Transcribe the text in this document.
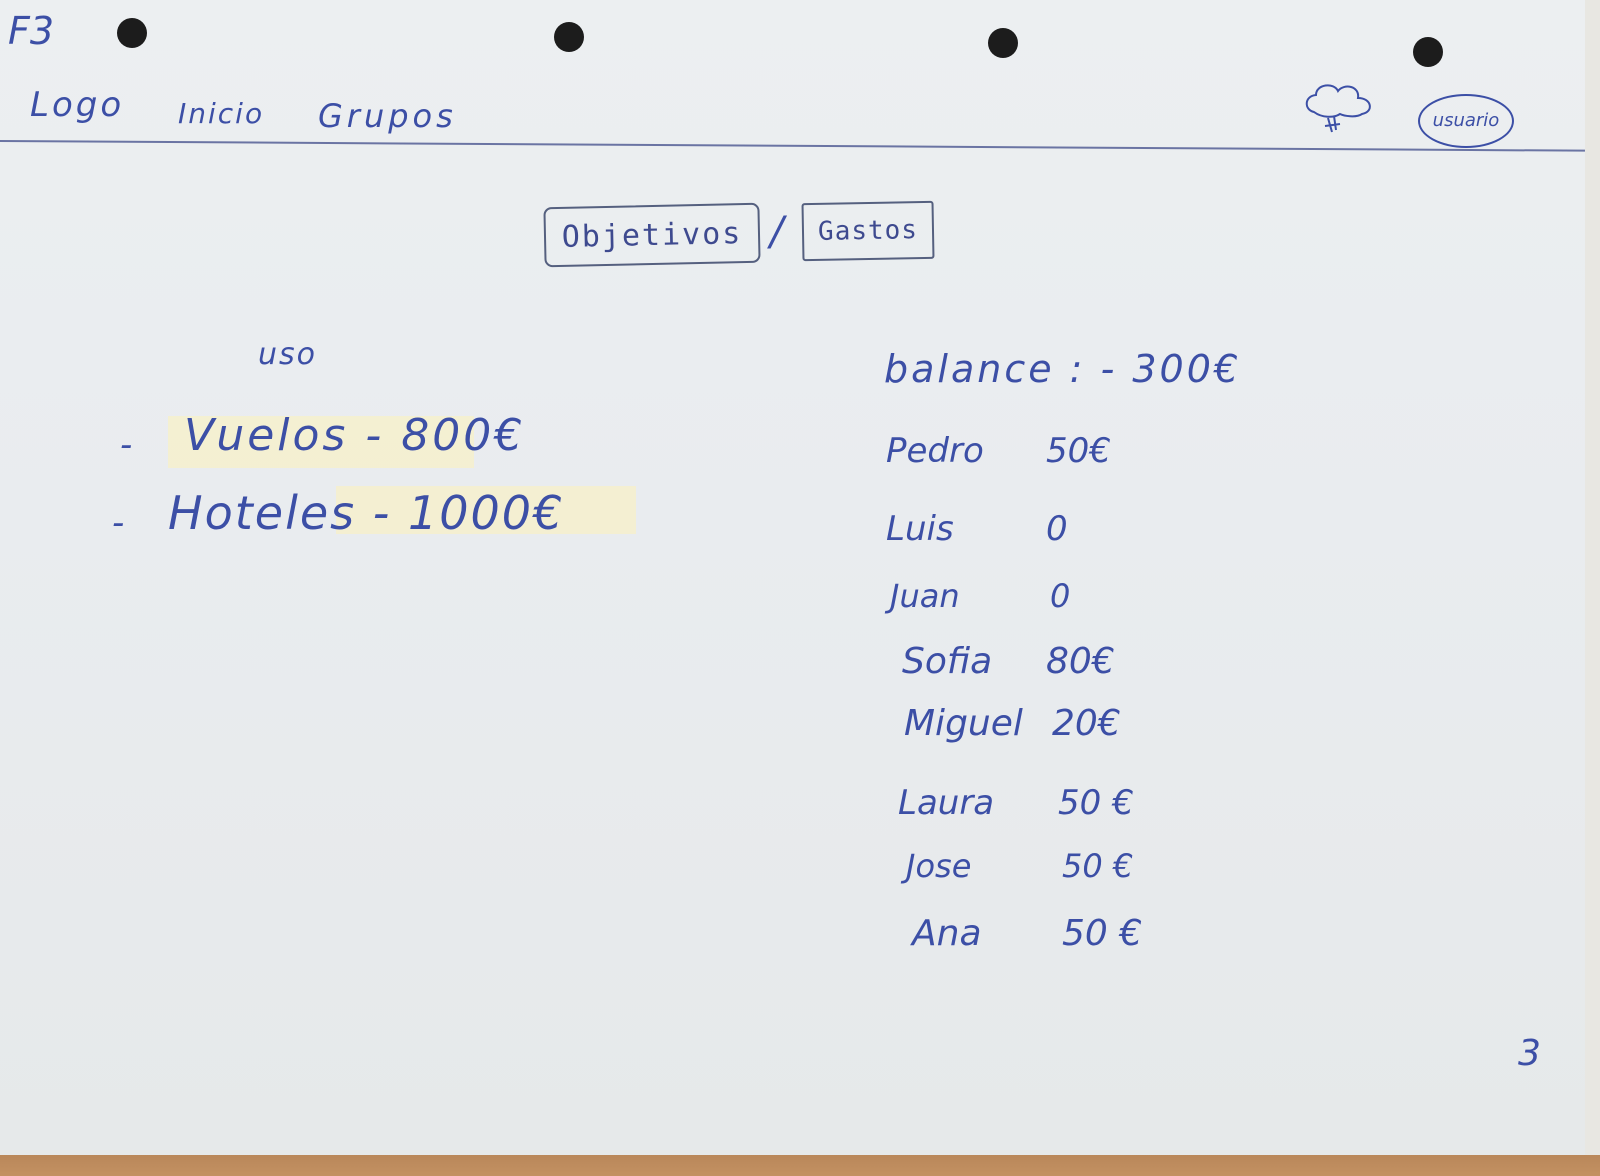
F3
Logo Inicio Grupos	usuario
Objetivos / Gastos
uso
- Vuelos - 800€
- Hoteles - 1000€
balance : - 300€
Pedro	50€
Luis	0
Juan	0
Sofia	80€
Miguel 20€
Laura	50 €
Jose	50 €
Ana	50 €
3
